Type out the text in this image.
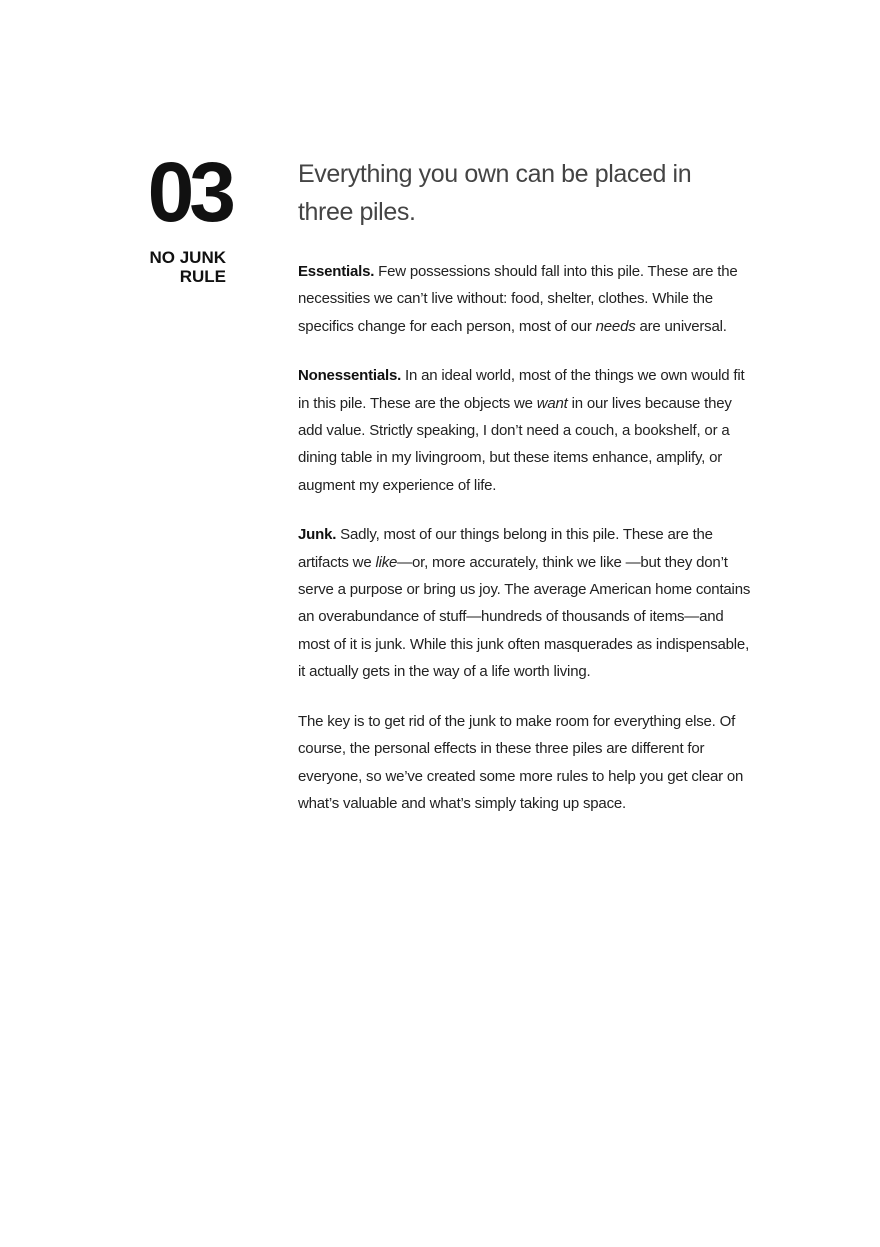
03
NO JUNK
RULE
Everything you own can be placed in three piles.

Essentials. Few possessions should fall into this pile. These are the necessities we can’t live without: food, shelter, clothes. While the specifics change for each person, most of our needs are universal.

Nonessentials. In an ideal world, most of the things we own would fit in this pile. These are the objects we want in our lives because they add value. Strictly speaking, I don’t need a couch, a bookshelf, or a dining table in my livingroom, but these items enhance, amplify, or augment my experience of life.

Junk. Sadly, most of our things belong in this pile. These are the artifacts we like—or, more accurately, think we like —but they don’t serve a purpose or bring us joy. The average American home contains an overabundance of stuff—hundreds of thousands of items—and most of it is junk. While this junk often masquerades as indispensable, it actually gets in the way of a life worth living.

The key is to get rid of the junk to make room for everything else. Of course, the personal effects in these three piles are different for everyone, so we’ve created some more rules to help you get clear on what’s valuable and what’s simply taking up space.
